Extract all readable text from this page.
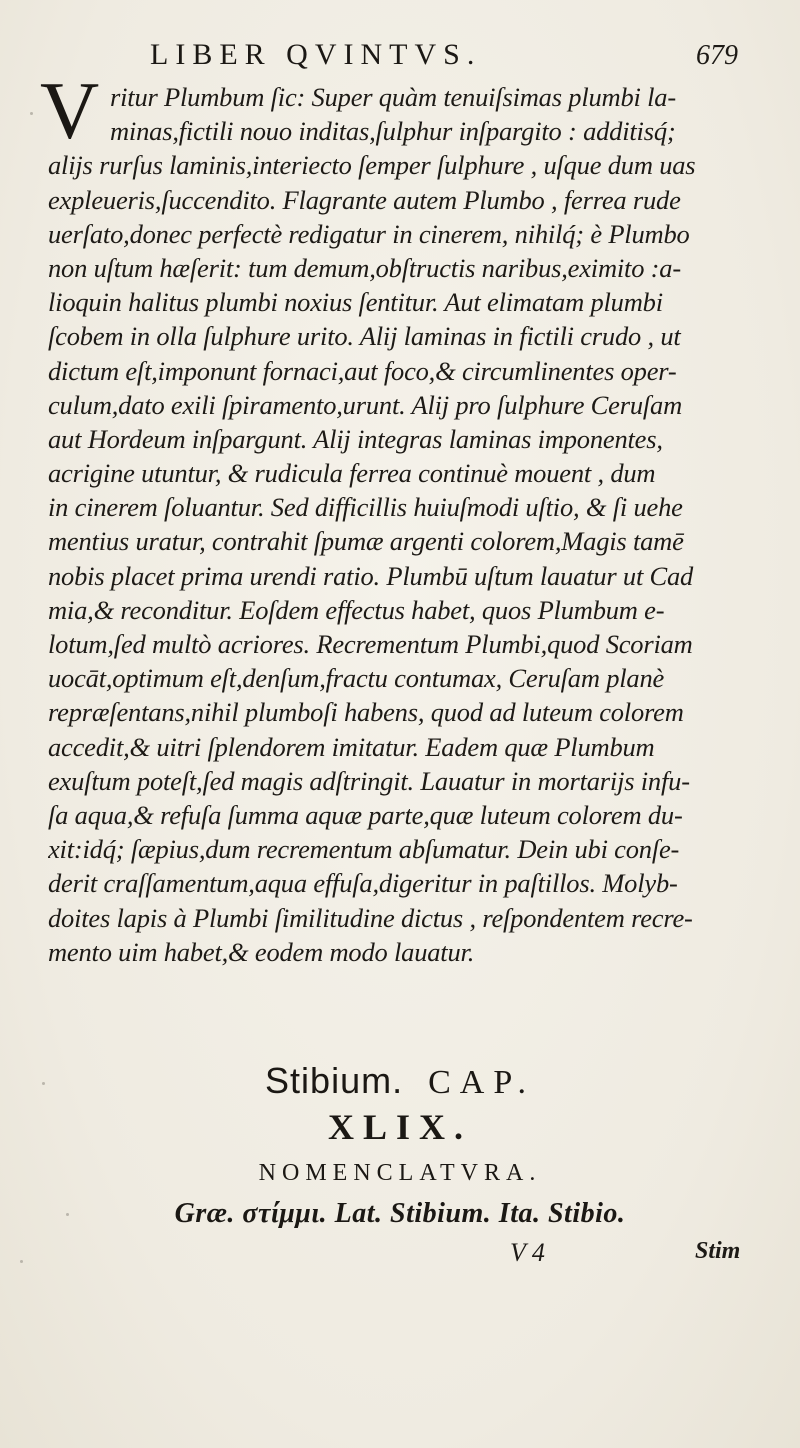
LIBER QVINTVS.	679
V ritur Plumbum ſic: Super quàm tenuiſsimas plumbi la-
minas,fictili nouo inditas,ſulphur inſpargito : additisq́;
alijs rurſus laminis,interiecto ſemper ſulphure , uſque dum uas
expleueris,ſuccendito. Flagrante autem Plumbo , ferrea rude
uerſato,donec perfectè redigatur in cinerem, nihilq́; è Plumbo
non uſtum hæſerit: tum demum,obſtructis naribus,eximito :a-
lioquin halitus plumbi noxius ſentitur. Aut elimatam plumbi
ſcobem in olla ſulphure urito. Alij laminas in fictili crudo , ut
dictum eſt,imponunt fornaci,aut foco,& circumlinentes oper-
culum,dato exili ſpiramento,urunt. Alij pro ſulphure Ceruſam
aut Hordeum inſpargunt. Alij integras laminas imponentes,
acrigine utuntur, & rudicula ferrea continuè mouent , dum
in cinerem ſoluantur. Sed difficillis huiuſmodi uſtio, & ſi uehe
mentius uratur, contrahit ſpumæ argenti colorem,Magis tamē
nobis placet prima urendi ratio. Plumbū uſtum lauatur ut Cad
mia,& reconditur. Eoſdem effectus habet, quos Plumbum e-
lotum,ſed multò acriores. Recrementum Plumbi,quod Scoriam
uocāt,optimum eſt,denſum,fractu contumax, Ceruſam planè
repræſentans,nihil plumboſi habens, quod ad luteum colorem
accedit,& uitri ſplendorem imitatur. Eadem quæ Plumbum
exuſtum poteſt,ſed magis adſtringit. Lauatur in mortarijs infu-
ſa aqua,& refuſa ſumma aquæ parte,quæ luteum colorem du-
xit:idq́; ſæpius,dum recrementum abſumatur. Dein ubi conſe-
derit craſſamentum,aqua effuſa,digeritur in paſtillos. Molyb-
doites lapis à Plumbi ſimilitudine dictus , reſpondentem recre-
mento uim habet,& eodem modo lauatur.
Stibium. CAP.
XLIX.
NOMENCLATVRA.
Græ. στίμμι. Lat. Stibium. Ita. Stibio.
V 4	Stim
